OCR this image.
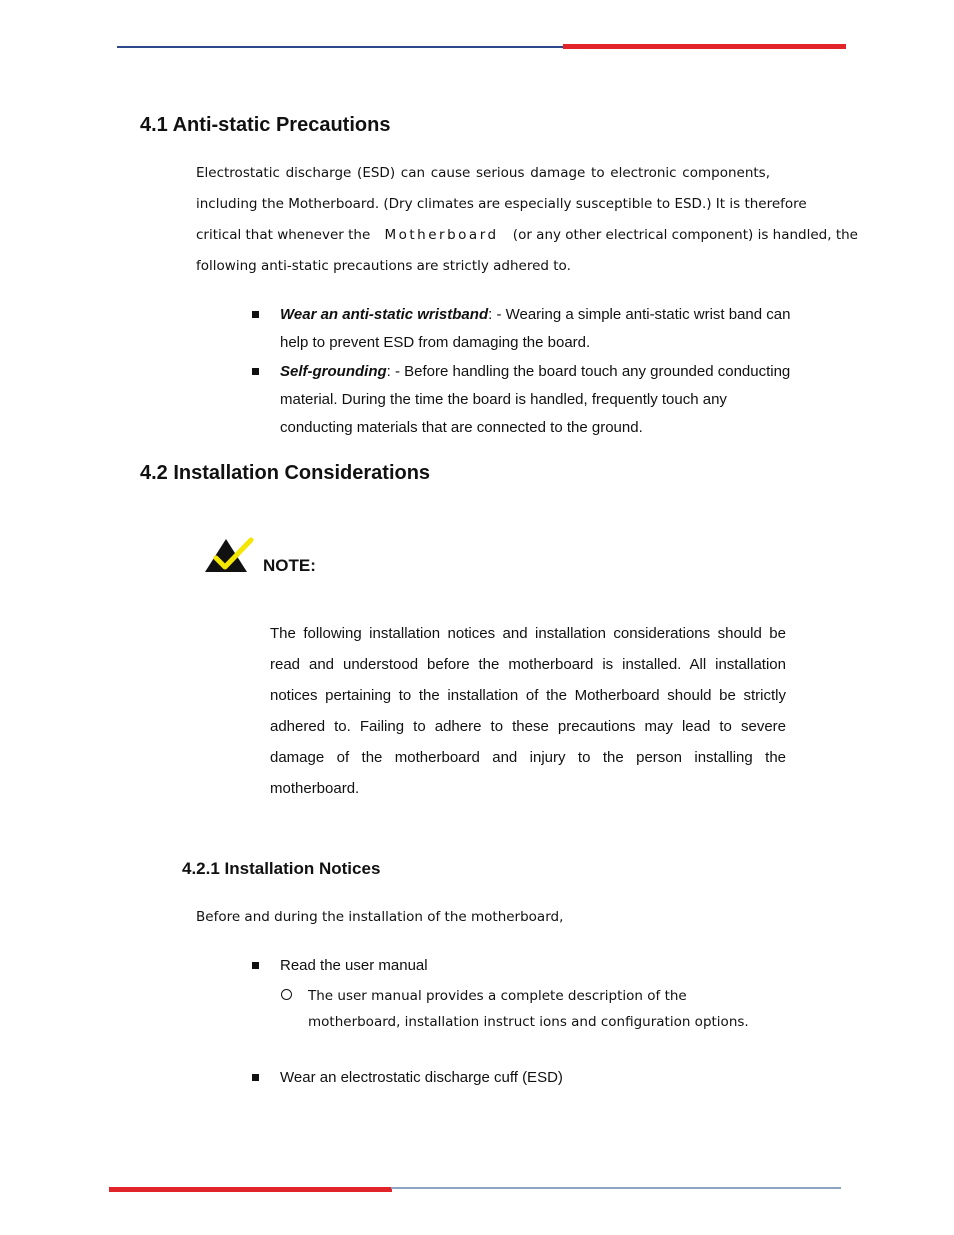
4.1 Anti-static Precautions
Electrostatic discharge (ESD) can cause serious damage to electronic components,
including the Motherboard. (Dry climates are especially susceptible to ESD.) It is therefore
critical that whenever the Motherboard (or any other electrical component) is handled, the
following anti-static precautions are strictly adhered to.
Wear an anti-static wristband: - Wearing a simple anti-static wrist band can
help to prevent ESD from damaging the board.
Self-grounding: - Before handling the board touch any grounded conducting
material. During the time the board is handled, frequently touch any
conducting materials that are connected to the ground.
4.2 Installation Considerations
NOTE:
The following installation notices and installation considerations should be
read and understood before the motherboard is installed. All installation
notices pertaining to the installation of the Motherboard should be strictly
adhered to. Failing to adhere to these precautions may lead to severe
damage of the motherboard and injury to the person installing the
motherboard.
4.2.1 Installation Notices
Before and during the installation of the motherboard,
Read the user manual
The user manual provides a complete description of the
motherboard, installation instruct ions and configuration options.
Wear an electrostatic discharge cuff (ESD)
